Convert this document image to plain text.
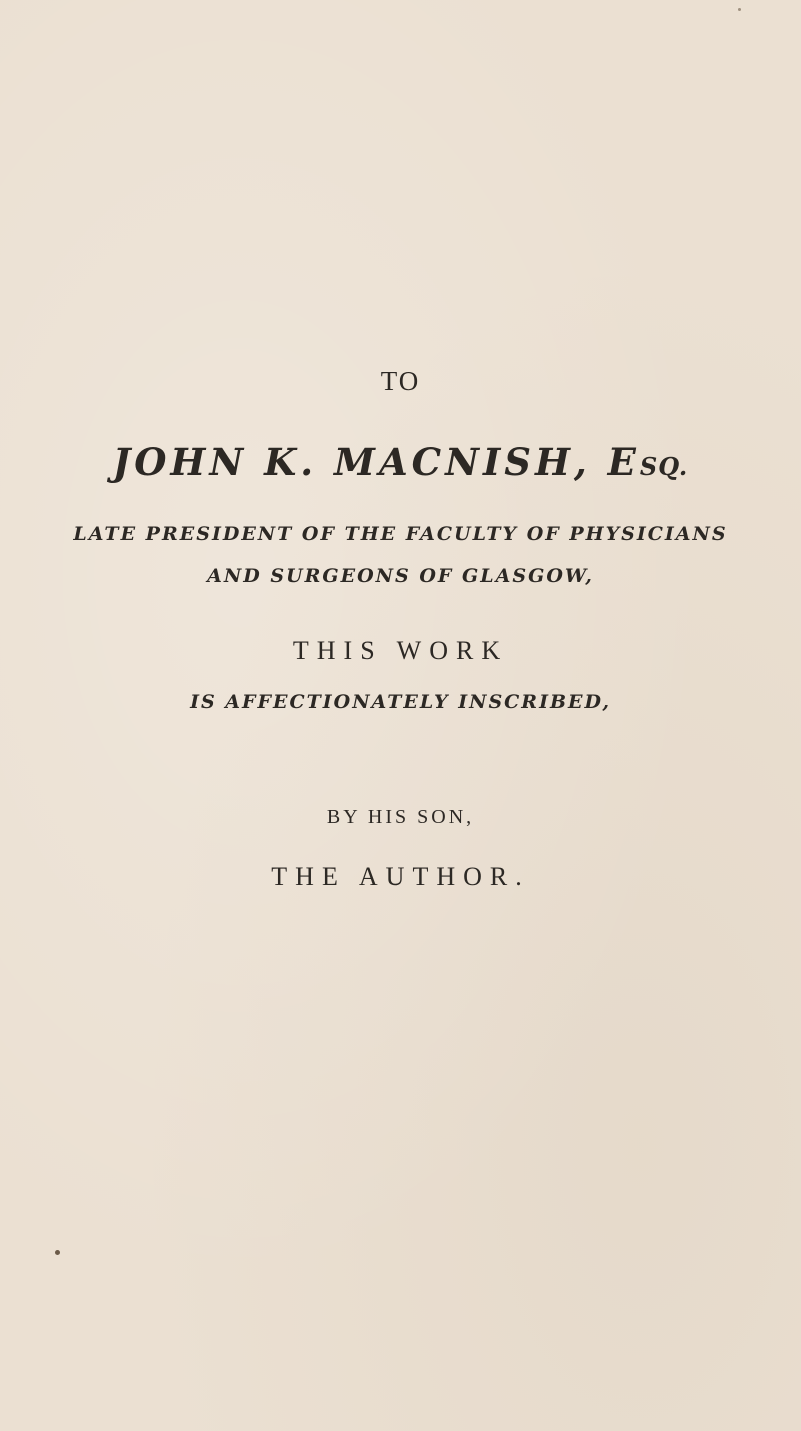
TO
JOHN K. MACNISH, ESQ.
LATE PRESIDENT OF THE FACULTY OF PHYSICIANS
AND SURGEONS OF GLASGOW,
THIS WORK
IS AFFECTIONATELY INSCRIBED,
BY HIS SON,
THE AUTHOR.
